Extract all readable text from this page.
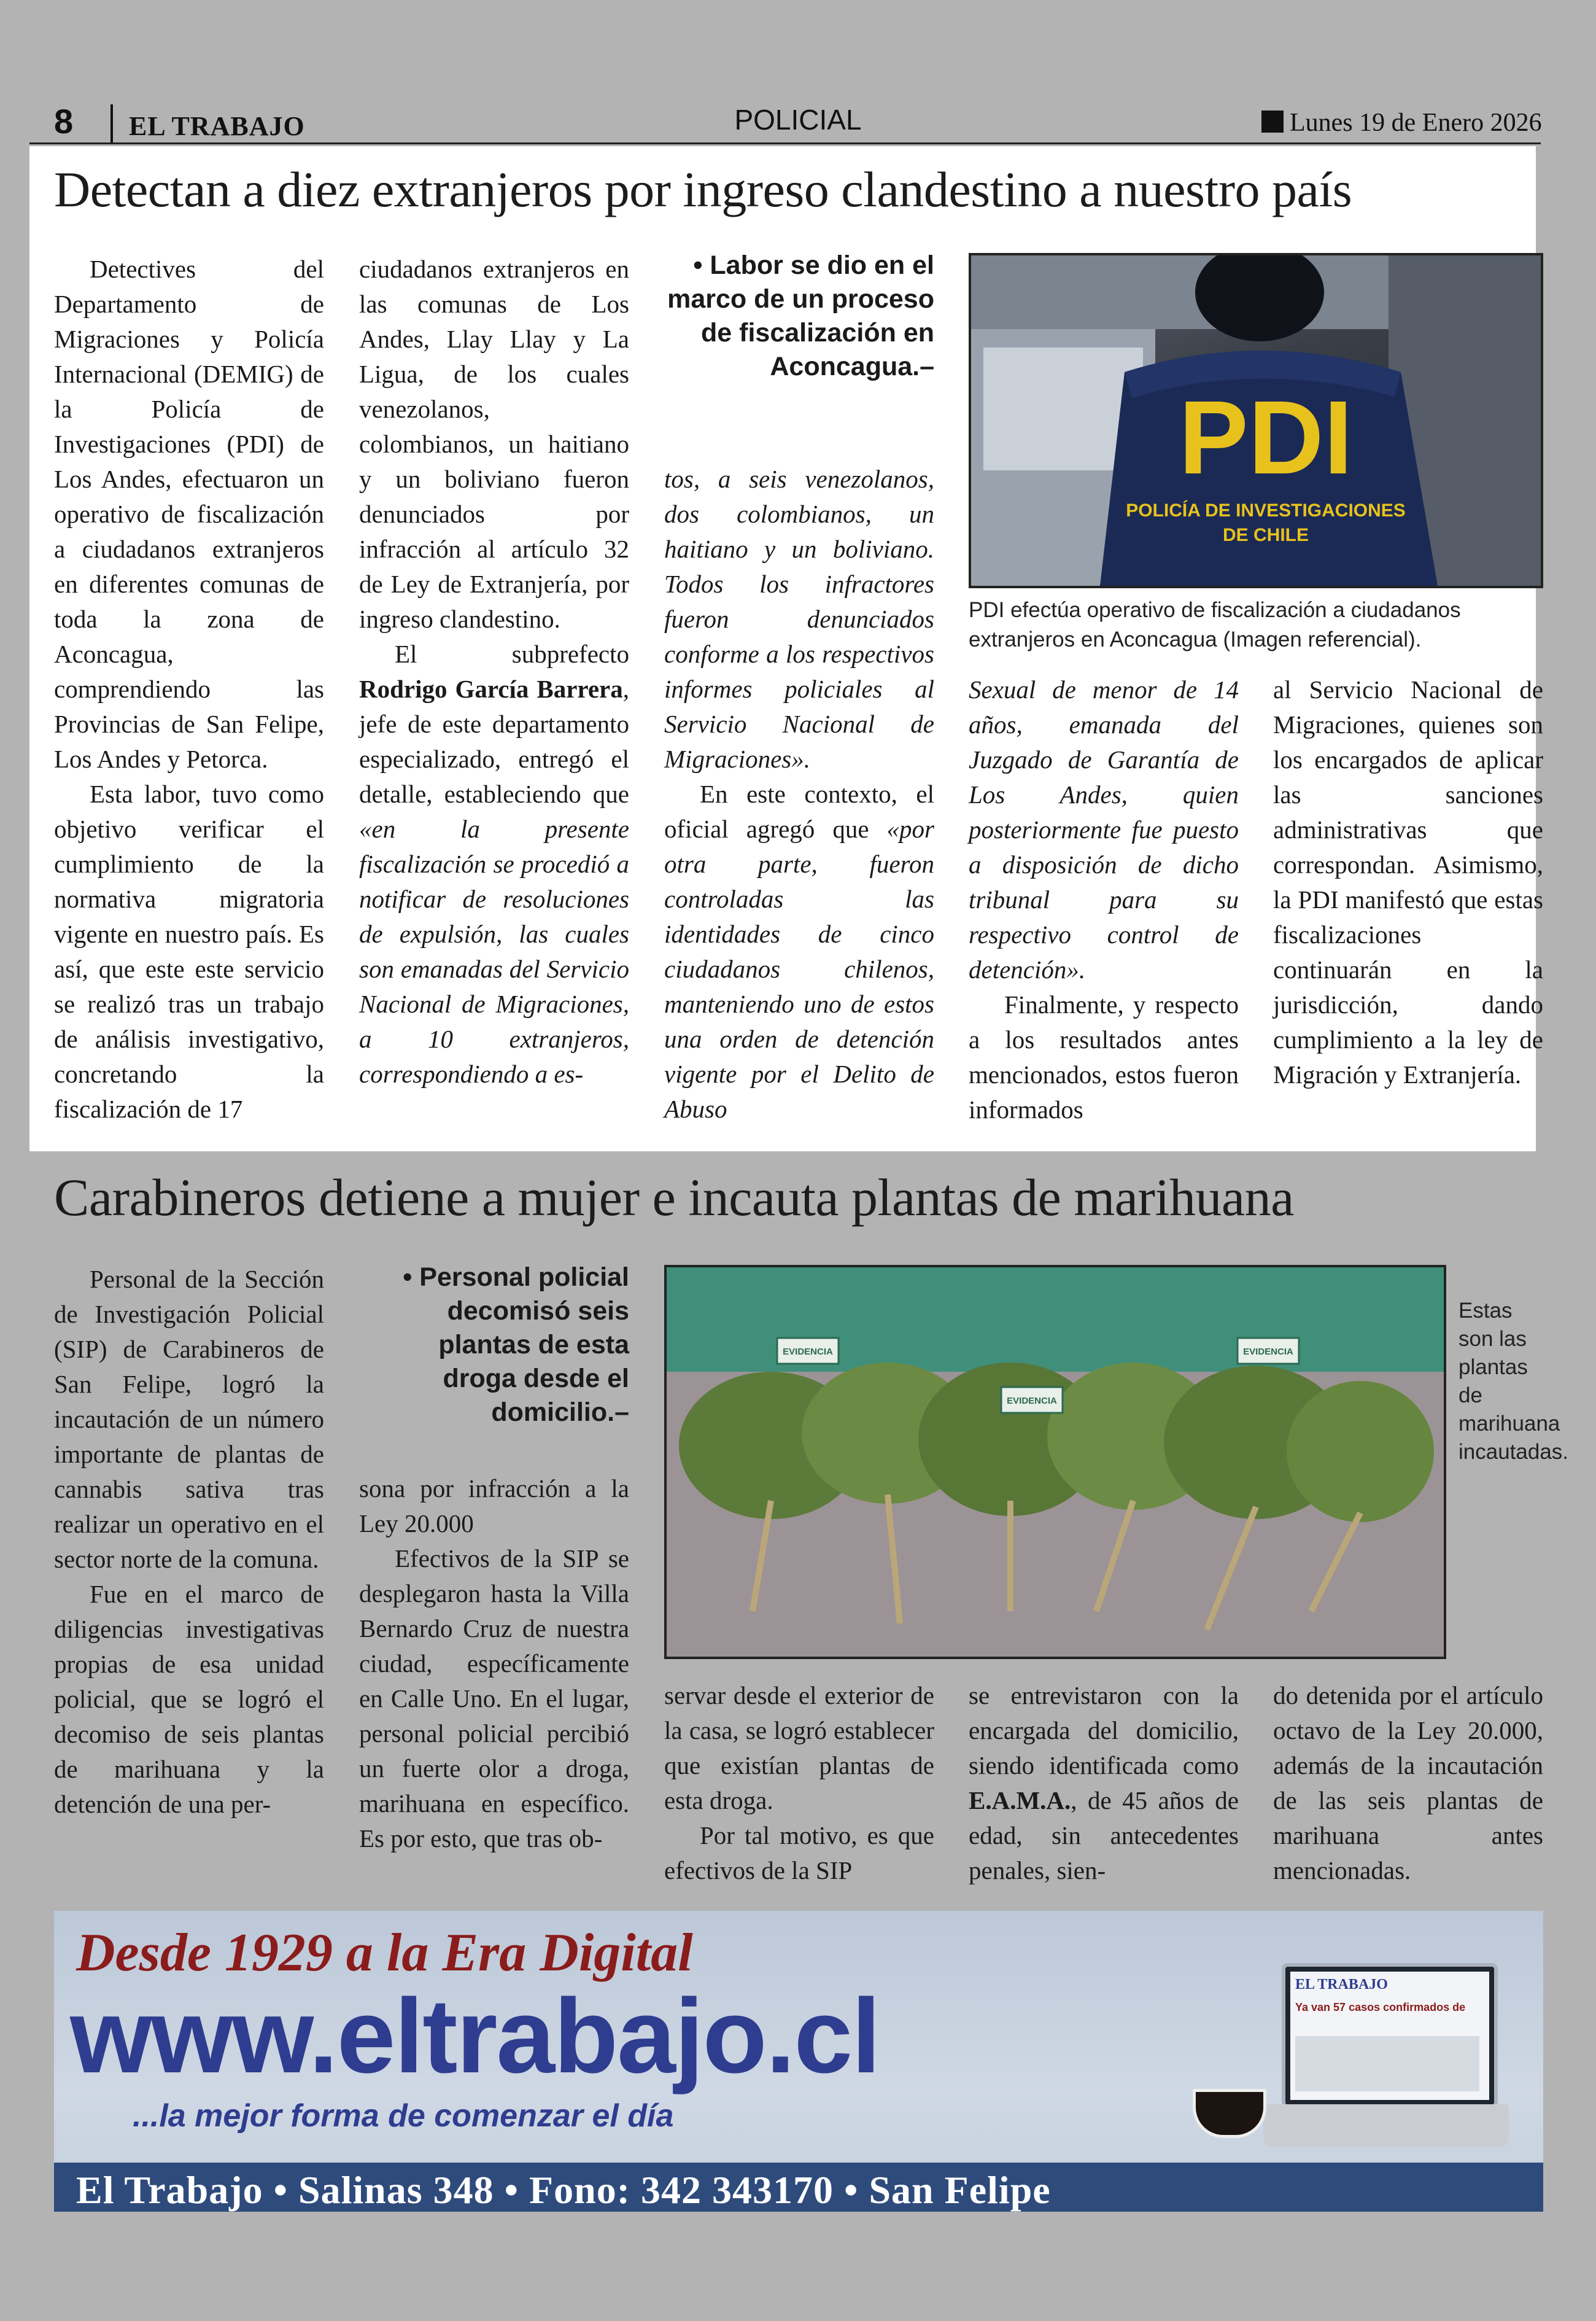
8 EL TRABAJO	POLICIAL	Lunes 19 de Enero 2026
Detectan a diez extranjeros por ingreso clandestino a nuestro país

Detectives del Departamento de Migraciones y Policía Internacional (DEMIG) de la Policía de Investigaciones (PDI) de Los Andes, efectuaron un operativo de fiscalización a ciudadanos extranjeros en diferentes comunas de toda la zona de Aconcagua, comprendiendo las Provincias de San Felipe, Los Andes y Petorca.

Esta labor, tuvo como objetivo verificar el cumplimiento de la normativa migratoria vigente en nuestro país. Es así, que este este servicio se realizó tras un trabajo de análisis investigativo, concretando la fiscalización de 17

ciudadanos extranjeros en las comunas de Los Andes, Llay Llay y La Ligua, de los cuales venezolanos, colombianos, un haitiano y un boliviano fueron denunciados por infracción al artículo 32 de Ley de Extranjería, por ingreso clandestino.

El subprefecto Rodrigo García Barrera, jefe de este departamento especializado, entregó el detalle, estableciendo que «en la presente fiscalización se procedió a notificar de resoluciones de expulsión, las cuales son emanadas del Servicio Nacional de Migraciones, a 10 extranjeros, correspondiendo a es-

• Labor se dio en el marco de un proceso de fiscalización en Aconcagua.–

tos, a seis venezolanos, dos colombianos, un haitiano y un boliviano. Todos los infractores fueron denunciados conforme a los respectivos informes policiales al Servicio Nacional de Migraciones».

En este contexto, el oficial agregó que «por otra parte, fueron controladas las identidades de cinco ciudadanos chilenos, manteniendo uno de estos una orden de detención vigente por el Delito de Abuso

PDI
POLICÍA DE INVESTIGACIONES
DE CHILE
PDI efectúa operativo de fiscalización a ciudadanos extranjeros en Aconcagua (Imagen referencial).

Sexual de menor de 14 años, emanada del Juzgado de Garantía de Los Andes, quien posteriormente fue puesto a disposición de dicho tribunal para su respectivo control de detención».

Finalmente, y respecto a los resultados antes mencionados, estos fueron informados

al Servicio Nacional de Migraciones, quienes son los encargados de aplicar las sanciones administrativas que correspondan. Asimismo, la PDI manifestó que estas fiscalizaciones continuarán en la jurisdicción, dando cumplimiento a la ley de Migración y Extranjería.

Carabineros detiene a mujer e incauta plantas de marihuana

Personal de la Sección de Investigación Policial (SIP) de Carabineros de San Felipe, logró la incautación de un número importante de plantas de cannabis sativa tras realizar un operativo en el sector norte de la comuna.

Fue en el marco de diligencias investigativas propias de esa unidad policial, que se logró el decomiso de seis plantas de marihuana y la detención de una per-

• Personal policial decomisó seis plantas de esta droga desde el domicilio.–

sona por infracción a la Ley 20.000

Efectivos de la SIP se desplegaron hasta la Villa Bernardo Cruz de nuestra ciudad, específicamente en Calle Uno. En el lugar, personal policial percibió un fuerte olor a droga, marihuana en específico. Es por esto, que tras ob-

EVIDENCIA
EVIDENCIA
EVIDENCIA
Estas son las plantas de marihuana incautadas.

servar desde el exterior de la casa, se logró establecer que existían plantas de esta droga.

Por tal motivo, es que efectivos de la SIP

se entrevistaron con la encargada del domicilio, siendo identificada como E.A.M.A., de 45 años de edad, sin antecedentes penales, sien-

do detenida por el artículo octavo de la Ley 20.000, además de la incautación de las seis plantas de marihuana antes mencionadas.

Desde 1929 a la Era Digital
www.eltrabajo.cl
...la mejor forma de comenzar el día
EL TRABAJO
Ya van 57 casos confirmados de
El Trabajo • Salinas 348 • Fono: 342 343170 • San Felipe
